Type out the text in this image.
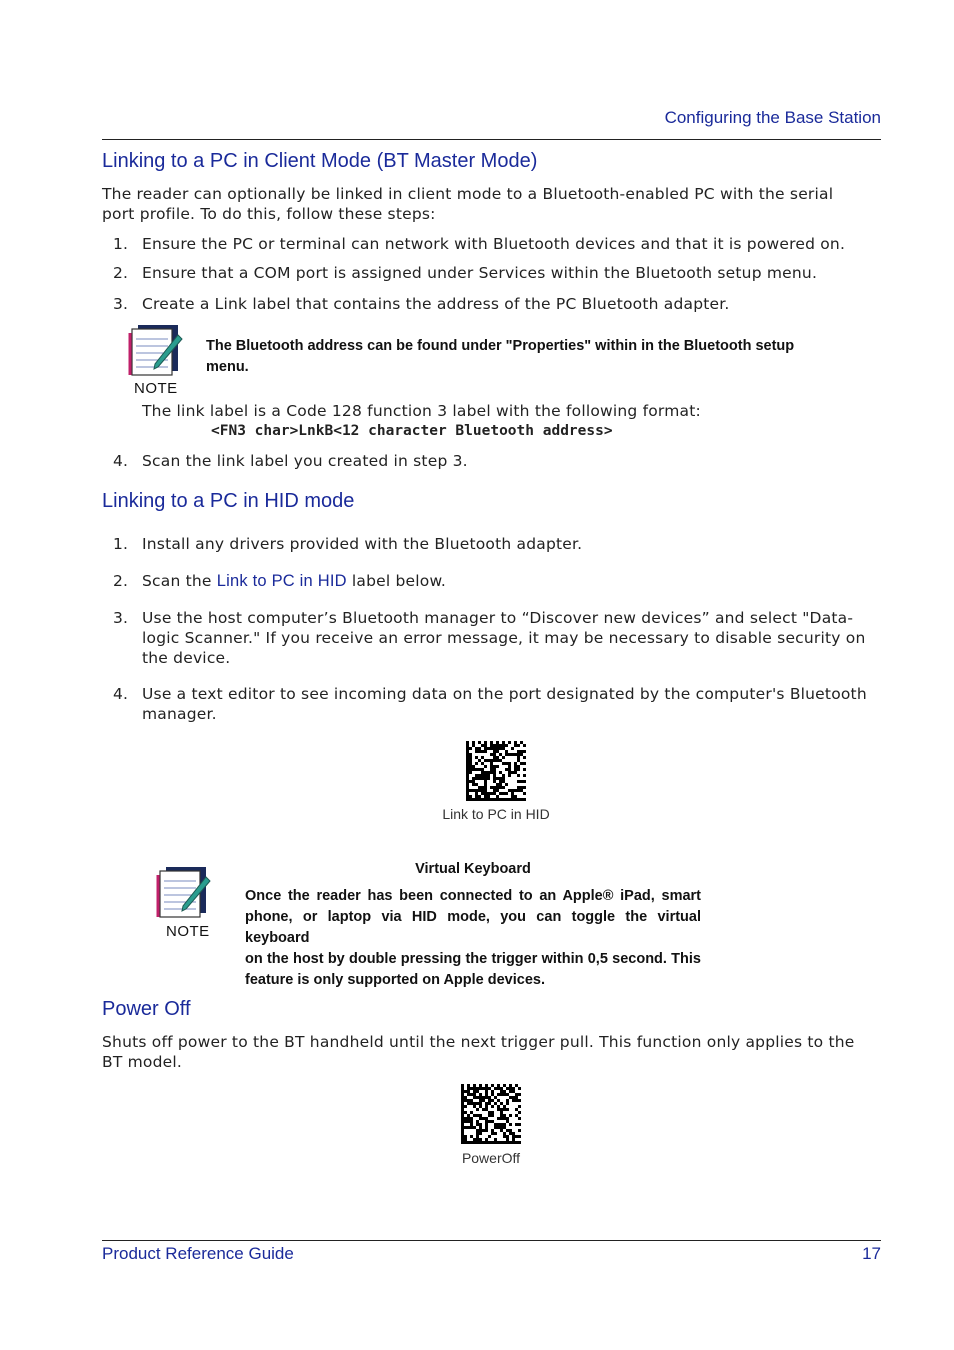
Configuring the Base Station
Linking to a PC in Client Mode (BT Master Mode)
The reader can optionally be linked in client mode to a Bluetooth-enabled PC with the serial
port profile. To do this, follow these steps:
1. Ensure the PC or terminal can network with Bluetooth devices and that it is powered on.
2. Ensure that a COM port is assigned under Services within the Bluetooth setup menu.
3. Create a Link label that contains the address of the PC Bluetooth adapter.
NOTE
The Bluetooth address can be found under "Properties" within in the Bluetooth setup
menu.
The link label is a Code 128 function 3 label with the following format:
<FN3 char>LnkB<12 character Bluetooth address>
4. Scan the link label you created in step 3.
Linking to a PC in HID mode
1. Install any drivers provided with the Bluetooth adapter.
2. Scan the Link to PC in HID label below.
3. Use the host computer’s Bluetooth manager to “Discover new devices” and select "Data-
logic Scanner." If you receive an error message, it may be necessary to disable security on
the device.
4. Use a text editor to see incoming data on the port designated by the computer's Bluetooth
manager.
Link to PC in HID
NOTE
Virtual Keyboard
Once the reader has been connected to an Apple® iPad, smart
phone, or laptop via HID mode, you can toggle the virtual keyboard
on the host by double pressing the trigger within 0,5 second. This
feature is only supported on Apple devices.
Power Off
Shuts off power to the BT handheld until the next trigger pull. This function only applies to the
BT model.
PowerOff
Product Reference Guide	17
